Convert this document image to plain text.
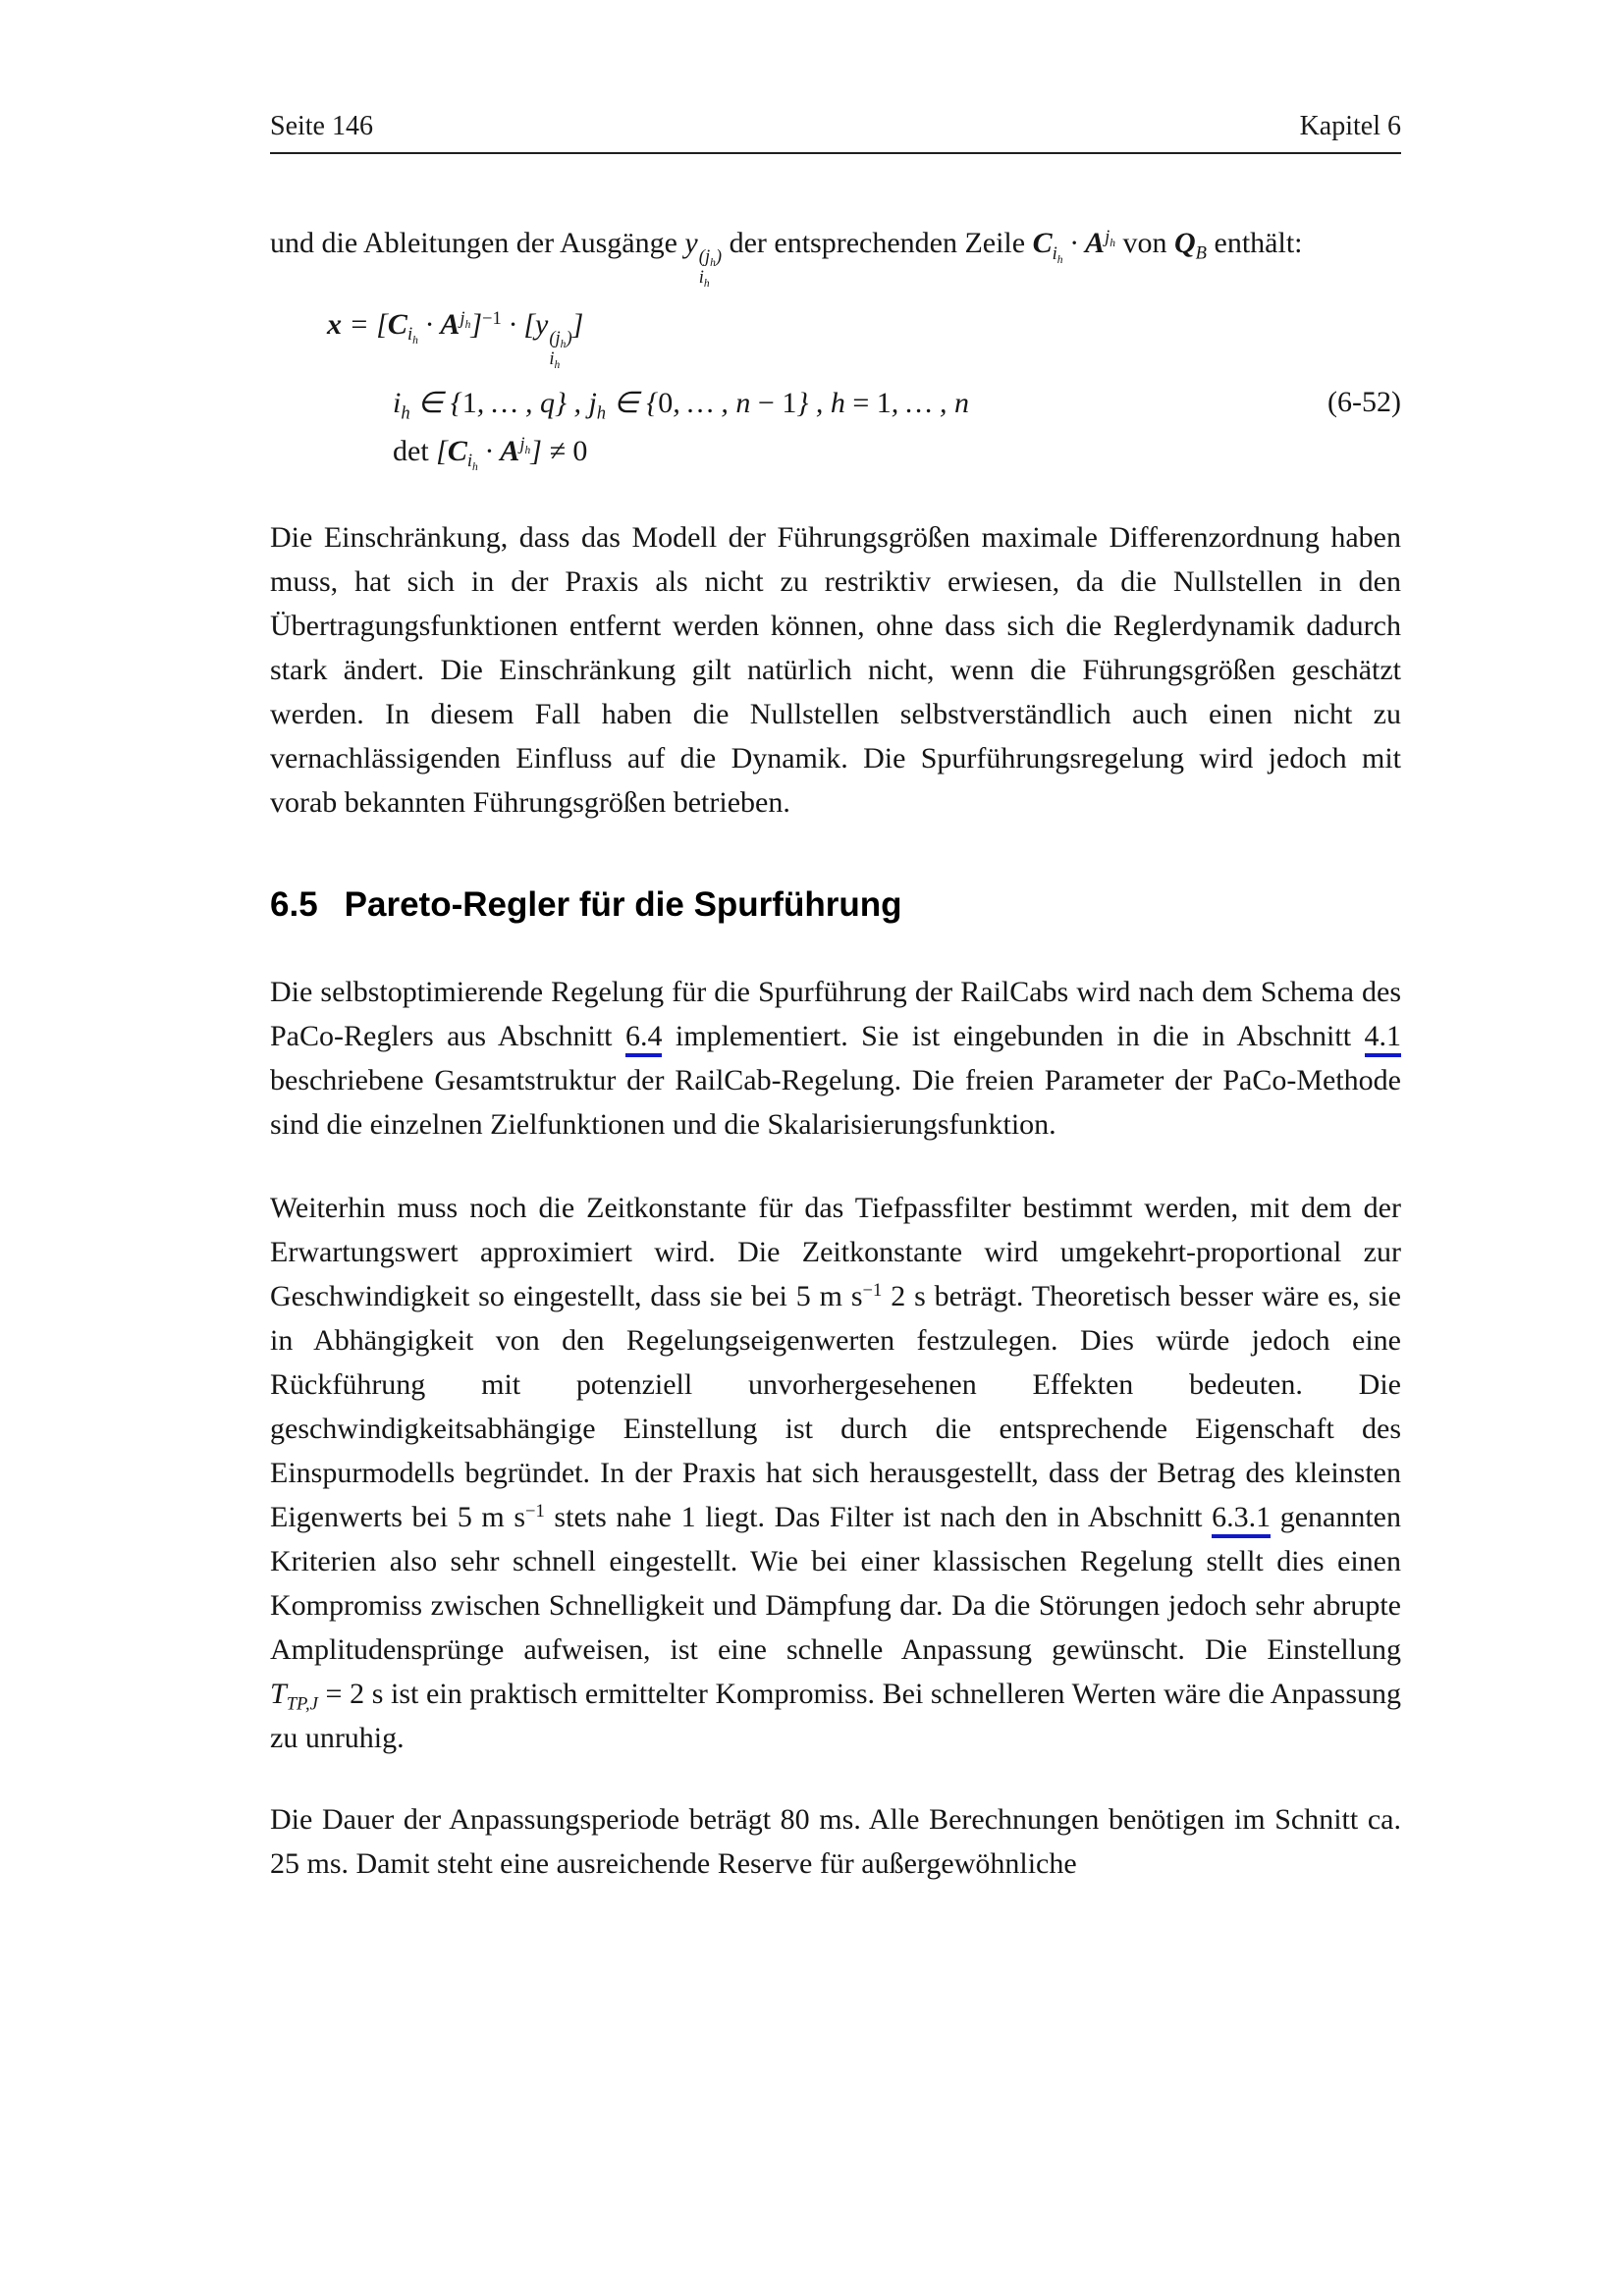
Seite 146	Kapitel 6

und die Ableitungen der Ausgänge y $(j_h)$
$i_h$
der entsprechenden Zeile $C_{i_h} \cdot A^{j_h}$ von $Q_B$ enthält:

$x = [C_{i_h} \cdot A^{j_h}]^{-1} \cdot [y$ $(j_h)$
$i_h$
]
$i_h$ ∈ {1, … , q} , $j_h$ ∈ {0, … , n − 1} , h = 1, … , n	(6-52)
$\det [C_{i_h} \cdot A^{j_h}] \ne 0$

Die Einschränkung, dass das Modell der Führungsgrößen maximale Differenzordnung haben muss, hat sich in der Praxis als nicht zu restriktiv erwiesen, da die Nullstellen in den Übertragungsfunktionen entfernt werden können, ohne dass sich die Reglerdynamik dadurch stark ändert. Die Einschränkung gilt natürlich nicht, wenn die Führungsgrößen geschätzt werden. In diesem Fall haben die Nullstellen selbstverständlich auch einen nicht zu vernachlässigenden Einfluss auf die Dynamik. Die Spurführungsregelung wird jedoch mit vorab bekannten Führungsgrößen betrieben.

6.5 Pareto-Regler für die Spurführung

Die selbstoptimierende Regelung für die Spurführung der RailCabs wird nach dem Schema des PaCo-Reglers aus Abschnitt 6.4 implementiert. Sie ist eingebunden in die in Abschnitt 4.1 beschriebene Gesamtstruktur der RailCab-Regelung. Die freien Parameter der PaCo-Methode sind die einzelnen Zielfunktionen und die Skalarisierungsfunktion.

Weiterhin muss noch die Zeitkonstante für das Tiefpassfilter bestimmt werden, mit dem der Erwartungswert approximiert wird. Die Zeitkonstante wird umgekehrt-proportional zur Geschwindigkeit so eingestellt, dass sie bei 5 m $s^{-1}$ 2 s beträgt. Theoretisch besser wäre es, sie in Abhängigkeit von den Regelungseigenwerten festzulegen. Dies würde jedoch eine Rückführung mit potenziell unvorhergesehenen Effekten bedeuten. Die geschwindigkeitsabhängige Einstellung ist durch die entsprechende Eigenschaft des Einspurmodells begründet. In der Praxis hat sich herausgestellt, dass der Betrag des kleinsten Eigenwerts bei 5 m $s^{-1}$ stets nahe 1 liegt. Das Filter ist nach den in Abschnitt 6.3.1 genannten Kriterien also sehr schnell eingestellt. Wie bei einer klassischen Regelung stellt dies einen Kompromiss zwischen Schnelligkeit und Dämpfung dar. Da die Störungen jedoch sehr abrupte Amplitudensprünge aufweisen, ist eine schnelle Anpassung gewünscht. Die Einstellung $T_{TP,J} = 2$ s ist ein praktisch ermittelter Kompromiss. Bei schnelleren Werten wäre die Anpassung zu unruhig.

Die Dauer der Anpassungsperiode beträgt 80 ms. Alle Berechnungen benötigen im Schnitt ca. 25 ms. Damit steht eine ausreichende Reserve für außergewöhnliche
